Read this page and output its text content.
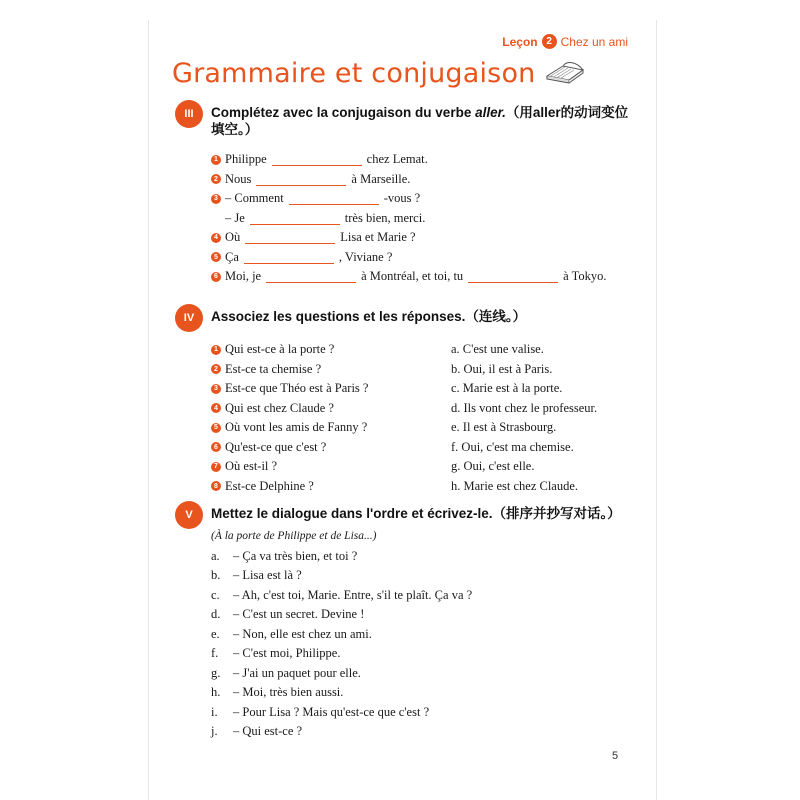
Leçon 2 Chez un ami
Grammaire et conjugaison
III	Complétez avec la conjugaison du verbe aller.（用aller的动词变位填空。）
1 Philippe	chez Lemat.
2 Nous	à Marseille.
3 – Comment	-vous ?
– Je	très bien, merci.
4 Où	Lisa et Marie ?
5 Ça	, Viviane ?
6 Moi, je	à Montréal, et toi, tu	à Tokyo.
IV	Associez les questions et les réponses.（连线。）
1 Qui est-ce à la porte ?	a. C'est une valise.
2 Est-ce ta chemise ?	b. Oui, il est à Paris.
3 Est-ce que Théo est à Paris ?	c. Marie est à la porte.
4 Qui est chez Claude ?	d. Ils vont chez le professeur.
5 Où vont les amis de Fanny ?	e. Il est à Strasbourg.
6 Qu'est-ce que c'est ?	f. Oui, c'est ma chemise.
7 Où est-il ?	g. Oui, c'est elle.
8 Est-ce Delphine ?	h. Marie est chez Claude.
V	Mettez le dialogue dans l'ordre et écrivez-le.（排序并抄写对话。）
(À la porte de Philippe et de Lisa...)
a. – Ça va très bien, et toi ?
b. – Lisa est là ?
c. – Ah, c'est toi, Marie. Entre, s'il te plaît. Ça va ?
d. – C'est un secret. Devine !
e. – Non, elle est chez un ami.
f. – C'est moi, Philippe.
g. – J'ai un paquet pour elle.
h. – Moi, très bien aussi.
i. – Pour Lisa ? Mais qu'est-ce que c'est ?
j. – Qui est-ce ?
5
